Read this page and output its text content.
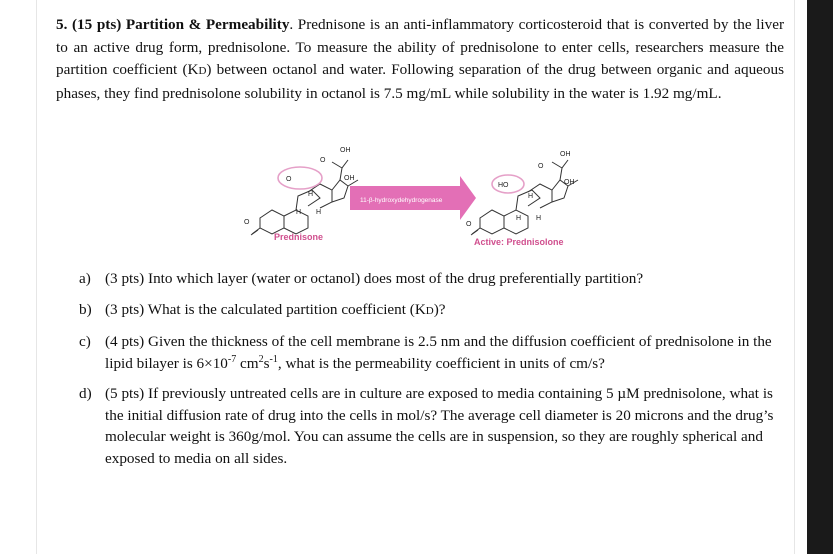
5. (15 pts) Partition & Permeability. Prednisone is an anti-inflammatory corticosteroid that is converted by the liver to an active drug form, prednisolone. To measure the ability of prednisolone to enter cells, researchers measure the partition coefficient (KD) between octanol and water. Following separation of the drug between organic and aqueous phases, they find prednisolone solubility in octanol is 7.5 mg/mL while solubility in the water is 1.92 mg/mL.
OH
OH
O
O
H H
H
O
OH
OH
HO
O
H H
H
O
11-β-hydroxydehydrogenase
Prednisone	Active: Prednisolone
a) (3 pts) Into which layer (water or octanol) does most of the drug preferentially partition?
b) (3 pts) What is the calculated partition coefficient (KD)?
c) (4 pts) Given the thickness of the cell membrane is 2.5 nm and the diffusion coefficient of prednisolone in the lipid bilayer is $6\times 10^{-7}$ $cm^2s^{-1}$, what is the permeability coefficient in units of cm/s?
d) (5 pts) If previously untreated cells are in culture are exposed to media containing 5 µM prednisolone, what is the initial diffusion rate of drug into the cells in mol/s? The average cell diameter is 20 microns and the drug’s molecular weight is 360g/mol. You can assume the cells are in suspension, so they are roughly spherical and exposed to media on all sides.
